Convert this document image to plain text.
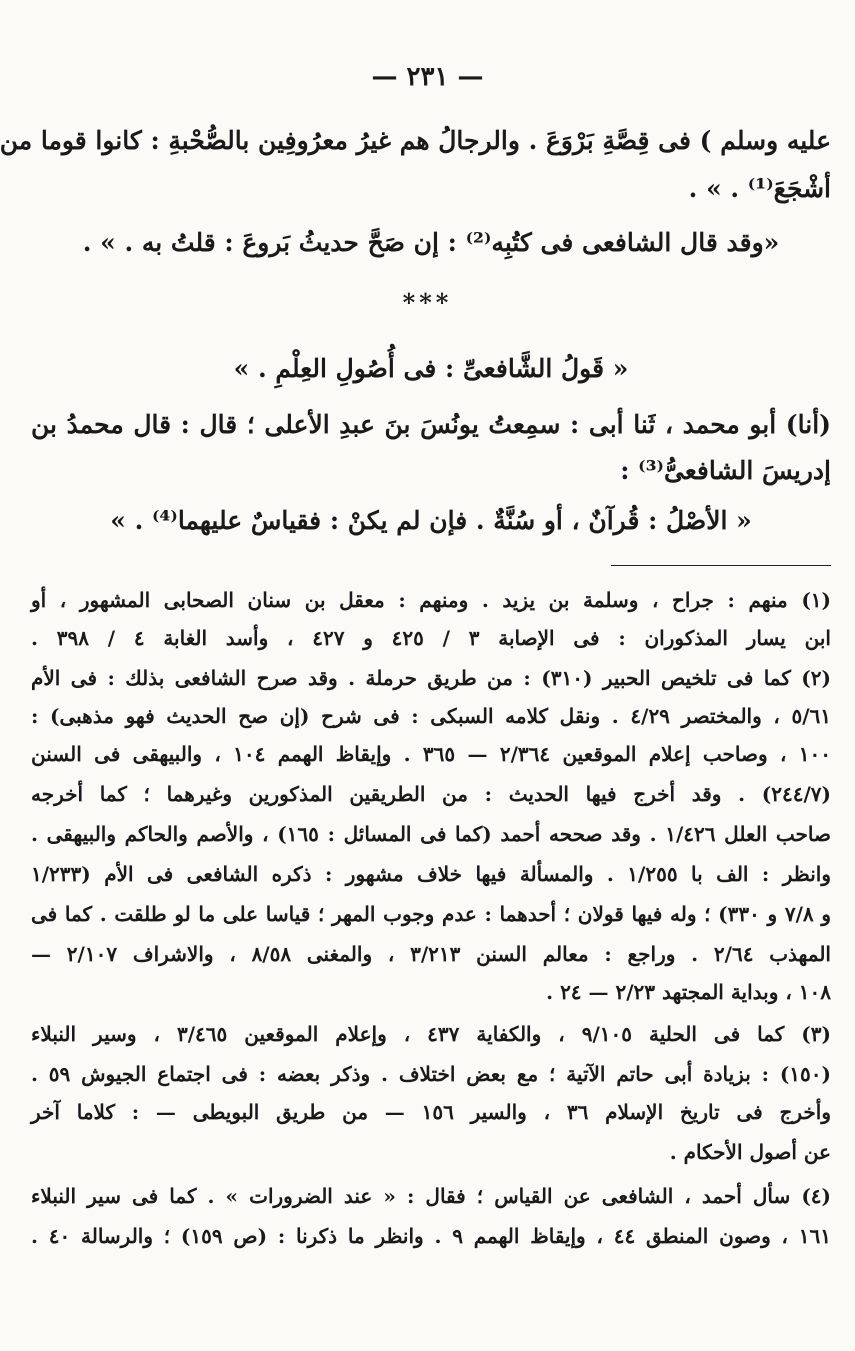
— ٢٣١ —
عليه وسلم ) فى قِصَّةِ بَرْوَعَ . والرجالُ هم غيرُ معرُوفِين بالصُّحْبةِ : كانوا قوما من
أشْجَعَ⁽¹⁾ . » .
«وقد قال الشافعى فى كتُبِه⁽²⁾ : إن صَحَّ حديثُ بَروعَ : قلتُ به . » .
« قَولُ الشَّافعىِّ : فى أُصُولِ العِلْمِ . »
(أنا) أبو محمد ، ثَنا أبى : سمِعتُ يونُسَ بنَ عبدِ الأعلى ؛ قال : قال محمدُ بن
إدريسَ الشافعىُّ⁽³⁾ :
« الأصْلُ : قُرآنٌ ، أو سُنَّةٌ . فإن لم يكنْ : فقياسٌ عليهما⁽⁴⁾ . »
***
(١) منهم : جراح ، وسلمة بن يزيد . ومنهم : معقل بن سنان الصحابى المشهور ، أو
ابن يسار المذكوران : فى الإصابة ٣ / ٤٢٥ و ٤٢٧ ، وأسد الغابة ٤ / ٣٩٨ .
(٢) كما فى تلخيص الحبير (٣١٠) : من طريق حرملة . وقد صرح الشافعى بذلك : فى الأم
٥/٦١ ، والمختصر ٤/٢٩ . ونقل كلامه السبكى : فى شرح (إن صح الحديث فهو مذهبى) :
١٠٠ ، وصاحب إعلام الموقعين ٢/٣٦٤ — ٣٦٥ . وإيقاظ الهمم ١٠٤ ، والبيهقى فى السنن
(٢٤٤/٧) . وقد أخرج فيها الحديث : من الطريقين المذكورين وغيرهما ؛ كما أخرجه
صاحب العلل ١/٤٢٦ . وقد صححه أحمد (كما فى المسائل : ١٦٥) ، والأصم والحاكم والبيهقى .
وانظر : الف با ١/٢٥٥ . والمسألة فيها خلاف مشهور : ذكره الشافعى فى الأم (١/٢٣٣
و ٧/٨ و ٣٣٠) ؛ وله فيها قولان ؛ أحدهما : عدم وجوب المهر ؛ قياسا على ما لو طلقت . كما فى
المهذب ٢/٦٤ . وراجع : معالم السنن ٣/٢١٣ ، والمغنى ٨/٥٨ ، والاشراف ٢/١٠٧ —
١٠٨ ، وبداية المجتهد ٢/٢٣ — ٢٤ .
(٣) كما فى الحلية ٩/١٠٥ ، والكفاية ٤٣٧ ، وإعلام الموقعين ٣/٤٦٥ ، وسير النبلاء
(١٥٠) : بزيادة أبى حاتم الآتية ؛ مع بعض اختلاف . وذكر بعضه : فى اجتماع الجيوش ٥٩ .
وأخرج فى تاريخ الإسلام ٣٦ ، والسير ١٥٦ — من طريق البويطى — : كلاما آخر
عن أصول الأحكام .
(٤) سأل أحمد ، الشافعى عن القياس ؛ فقال : « عند الضرورات » . كما فى سير النبلاء
١٦١ ، وصون المنطق ٤٤ ، وإيقاظ الهمم ٩ . وانظر ما ذكرنا : (ص ١٥٩) ؛ والرسالة ٤٠ .
